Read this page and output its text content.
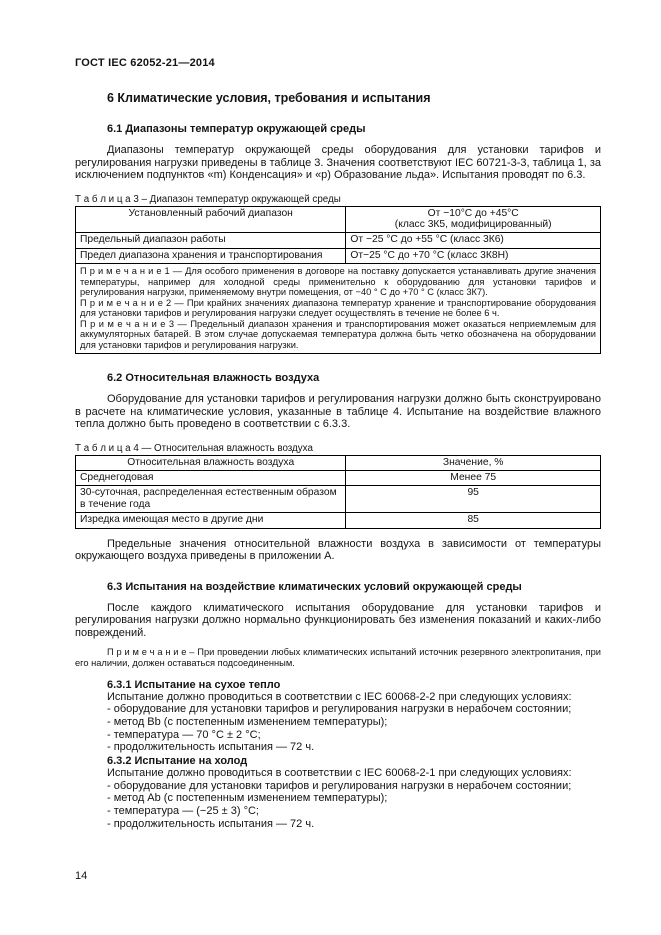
ГОСТ IEC 62052-21—2014
6 Климатические условия, требования и испытания
6.1 Диапазоны температур окружающей среды

Диапазоны температур окружающей среды оборудования для установки тарифов и регулирования нагрузки приведены в таблице 3. Значения соответствуют IEC 60721-3-3, таблица 1, за исключением подпунктов «m) Конденсация» и «p) Образование льда». Испытания проводят по 6.3.

Т а б л и ц а 3 – Диапазон температур окружающей среды
Установленный рабочий диапазон	От −10°С до +45°С
(класс 3К5, модифицированный)

Предельный диапазон работы	От −25 °С до +55 °С (класс 3К6)
Предел диапазона хранения и транспортирования	От−25 °С до +70 °С (класс 3К8Н)

П р и м е ч а н и е 1 — Для особого применения в договоре на поставку допускается устанавливать другие значения температуры, например для холодной среды применительно к оборудованию для установки тарифов и регулирования нагрузки, применяемому внутри помещения, от −40 ° С до +70 ° С (класс 3К7).

П р и м е ч а н и е 2 — При крайних значениях диапазона температур хранение и транспортирование оборудования для установки тарифов и регулирования нагрузки следует осуществлять в течение не более 6 ч.

П р и м е ч а н и е 3 — Предельный диапазон хранения и транспортирования может оказаться неприемлемым для аккумуляторных батарей. В этом случае допускаемая температура должна быть четко обозначена на оборудовании для установки тарифов и регулирования нагрузки.	

6.2 Относительная влажность воздуха

Оборудование для установки тарифов и регулирования нагрузки должно быть сконструировано в расчете на климатические условия, указанные в таблице 4. Испытание на воздействие влажного тепла должно быть проведено в соответствии с 6.3.3.

Т а б л и ц а 4 — Относительная влажность воздуха
Относительная влажность воздуха	Значение, %
Среднегодовая	Менее 75
30-суточная, распределенная естественным образом в течение года	95
Изредка имеющая место в другие дни	85

Предельные значения относительной влажности воздуха в зависимости от температуры окружающего воздуха приведены в приложении А.

6.3 Испытания на воздействие климатических условий окружающей среды

После каждого климатического испытания оборудование для установки тарифов и регулирования нагрузки должно нормально функционировать без изменения показаний и каких-либо повреждений.

П р и м е ч а н и е – При проведении любых климатических испытаний источник резервного электропитания, при его наличии, должен оставаться подсоединенным.

6.3.1 Испытание на сухое тепло
Испытание должно проводиться в соответствии с IEC 60068-2-2 при следующих условиях:
- оборудование для установки тарифов и регулирования нагрузки в нерабочем состоянии;
- метод Bb (с постепенным изменением температуры);
- температура — 70 °С ± 2 °С;
- продолжительность испытания — 72 ч.
6.3.2 Испытание на холод
Испытание должно проводиться в соответствии с IEC 60068-2-1 при следующих условиях:
- оборудование для установки тарифов и регулирования нагрузки в нерабочем состоянии;
- метод Ab (с постепенным изменением температуры);
- температура — (−25 ± 3) °С;
- продолжительность испытания — 72 ч.
14
